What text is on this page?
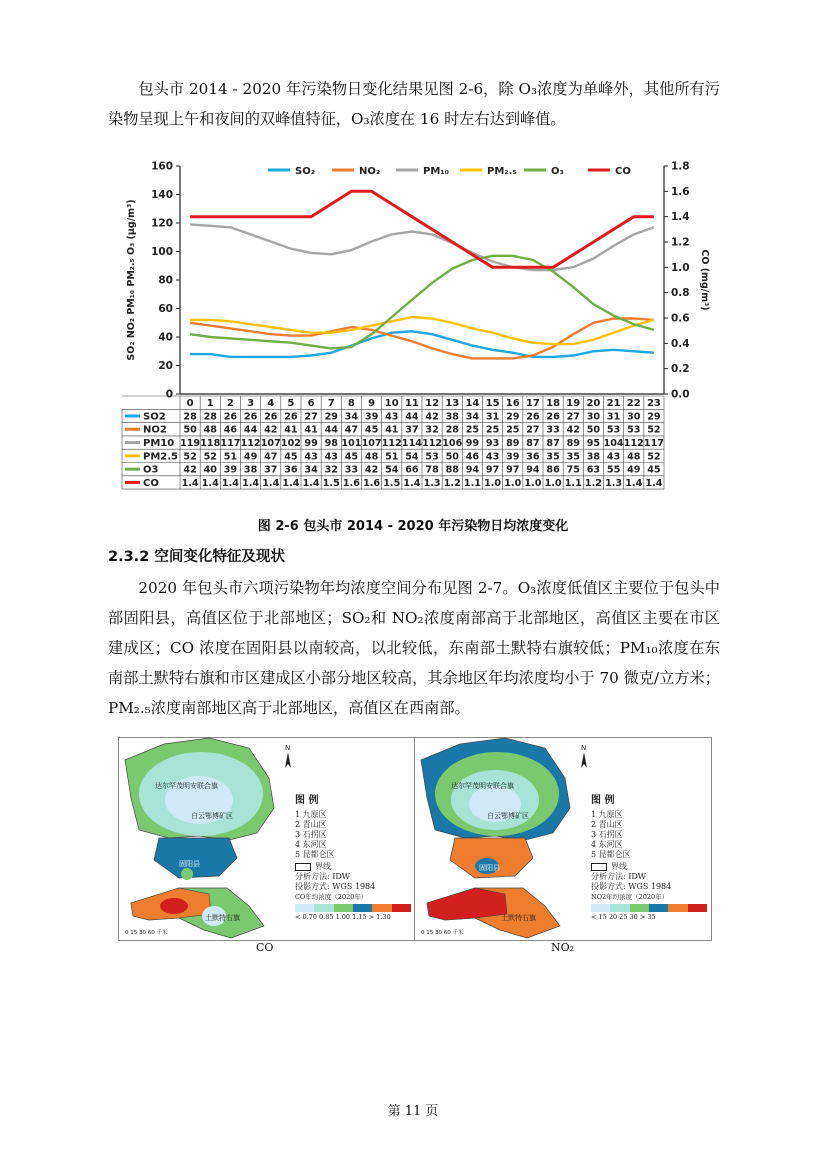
包头市 2014 - 2020 年污染物日变化结果见图 2-6，除 O₃浓度为单峰外，其他所有污染物呈现上午和夜间的双峰值特征，O₃浓度在 16 时左右达到峰值。

0
20
40
60
80
100
120
140
160
0.0
0.2
0.4
0.6
0.8
1.0
1.2
1.4
1.6
1.8
SO₂ NO₂ PM₁₀ PM₂.₅ O₃ (μg/m³)	CO (mg/m³)
SO₂	NO₂	PM₁₀	PM₂.₅	O₃	CO
0 1 2 3 4 5 6 7 8 9 10 11 12 13 14 15 16 17 18 19 20 21 22 23
SO2 28 28 26 26 26 26 27 29 34 39 43 44 42 38 34 31 29 26 26 27 30 31 30 29
NO2 50 48 46 44 42 41 41 44 47 45 41 37 32 28 25 25 25 27 33 42 50 53 53 52
PM10 119 118 117 112 107 102 99 98 101 107 112 114 112 106 99 93 89 87 87 89 95 104 112 117
PM2.5 52 52 51 49 47 45 43 43 45 48 51 54 53 50 46 43 39 36 35 35 38 43 48 52
O3	42 40 39 38 37 36 34 32 33 42 54 66 78 88 94 97 97 94 86 75 63 55 49 45
CO 1.4 1.4 1.4 1.4 1.4 1.4 1.4 1.5 1.6 1.6 1.5 1.4 1.3 1.2 1.1 1.0 1.0 1.0 1.0 1.1 1.2 1.3 1.4 1.4
图 2-6 包头市 2014 - 2020 年污染物日均浓度变化
2.3.2 空间变化特征及现状

2020 年包头市六项污染物年均浓度空间分布见图 2-7。O₃浓度低值区主要位于包头中部固阳县，高值区位于北部地区；SO₂和 NO₂浓度南部高于北部地区，高值区主要在市区建成区；CO 浓度在固阳县以南较高，以北较低，东南部土默特右旗较低；PM₁₀浓度在东南部土默特右旗和市区建成区小部分地区较高，其余地区年均浓度均小于 70 微克/立方米；PM₂.₅浓度南部地区高于北部地区，高值区在西南部。

达尔罕茂明安联合旗
白云鄂博矿区
固阳县
土默特右旗
N
0 15 30 60 千米
图 例
1 九原区
2 青山区
3 石拐区
4 东河区
5 昆都仑区
界线
分析方法: IDW
投影方式: WGS 1984
CO年均浓度（2020年）
< 0.70 0.85 1.00 1.15 > 1.30
CO
达尔罕茂明安联合旗
白云鄂博矿区
固阳县
土默特右旗
N
0 15 30 60 千米
图 例
1 九原区
2 青山区
3 石拐区
4 东河区
5 昆都仑区
界线
分析方法: IDW
投影方式: WGS 1984
NO2年均浓度（2020年）
< 15 20 25 30 > 35
NO₂
第 11 页
